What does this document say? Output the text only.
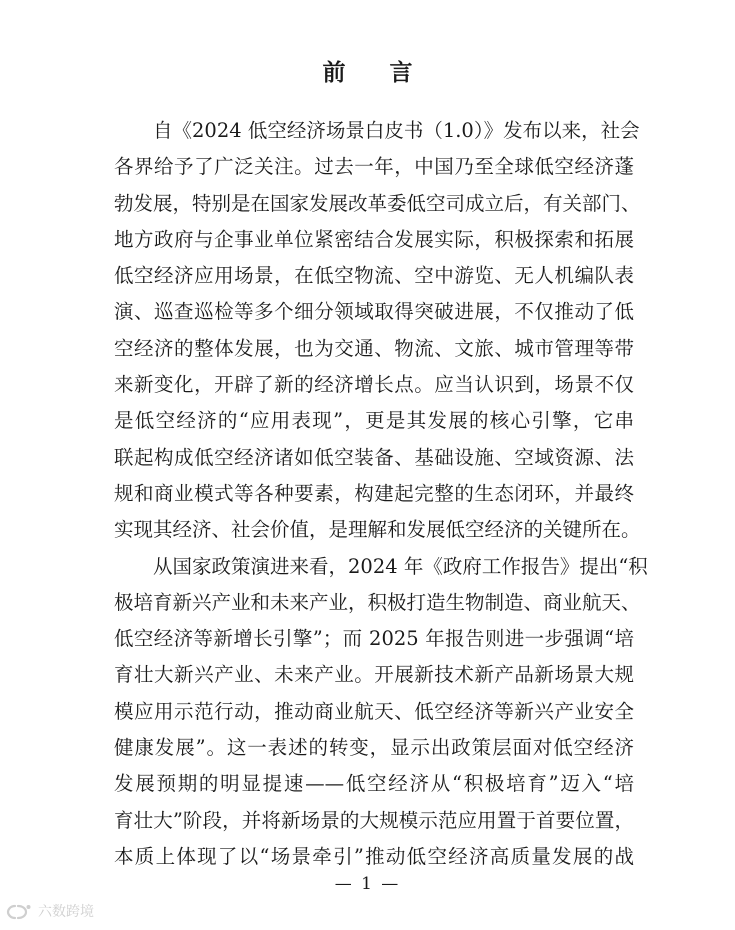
前 言
自《2024 低空经济场景白皮书（1.0）》发布以来，社会
各界给予了广泛关注。过去一年，中国乃至全球低空经济蓬
勃发展，特别是在国家发展改革委低空司成立后，有关部门、
地方政府与企事业单位紧密结合发展实际，积极探索和拓展
低空经济应用场景，在低空物流、空中游览、无人机编队表
演、巡查巡检等多个细分领域取得突破进展，不仅推动了低
空经济的整体发展，也为交通、物流、文旅、城市管理等带
来新变化，开辟了新的经济增长点。应当认识到，场景不仅
是低空经济的“应用表现”，更是其发展的核心引擎，它串
联起构成低空经济诸如低空装备、基础设施、空域资源、法
规和商业模式等各种要素，构建起完整的生态闭环，并最终
实现其经济、社会价值，是理解和发展低空经济的关键所在。
从国家政策演进来看，2024 年《政府工作报告》提出“积
极培育新兴产业和未来产业，积极打造生物制造、商业航天、
低空经济等新增长引擎”；而 2025 年报告则进一步强调“培
育壮大新兴产业、未来产业。开展新技术新产品新场景大规
模应用示范行动，推动商业航天、低空经济等新兴产业安全
健康发展”。这一表述的转变，显示出政策层面对低空经济
发展预期的明显提速——低空经济从“积极培育”迈入“培
育壮大”阶段，并将新场景的大规模示范应用置于首要位置，
本质上体现了以“场景牵引”推动低空经济高质量发展的战
— 1 —
六数跨境
